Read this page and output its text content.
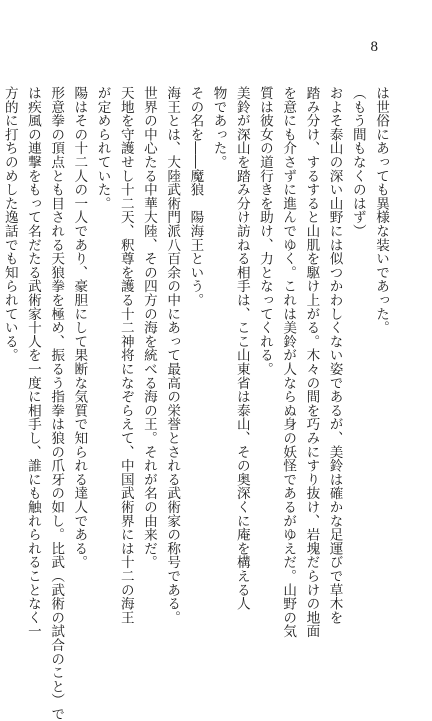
8

は世俗にあっても異様な装いであった。

（もう間もなくのはず）

およそ泰山の深い山野には似つかわしくない姿であるが、美鈴は確かな足運びで草木を

踏み分け、するすると山肌を駆け上がる。木々の間を巧みにすり抜け、岩塊だらけの地面

を意にも介さずに進んでゆく。これは美鈴が人ならぬ身の妖怪であるがゆえだ。山野の気

質は彼女の道行きを助け、力となってくれる。

美鈴が深山を踏み分け訪ねる相手は、ここ山東省は泰山、その奥深くに庵を構える人

物であった。

その名を――魔狼　陽海王という。

海王とは、大陸武術門派八百余の中にあって最高の栄誉とされる武術家の称号である。

世界の中心たる中華大陸、その四方の海を統べる海の王。それが名の由来だ。

天地を守護せし十二天、釈尊を護る十二神将になぞらえて、中国武術界には十二の海王

が定められていた。

陽はその十二人の一人であり、豪胆にして果断な気質で知られる達人である。

形意拳の頂点とも目される天狼拳を極め、振るう指拳は狼の爪牙の如し。比武（武術の試合のこと）で

は疾風の連撃をもって名だたる武術家十人を一度に相手し、誰にも触れられることなく一

方的に打ちのめした逸話でも知られている。
